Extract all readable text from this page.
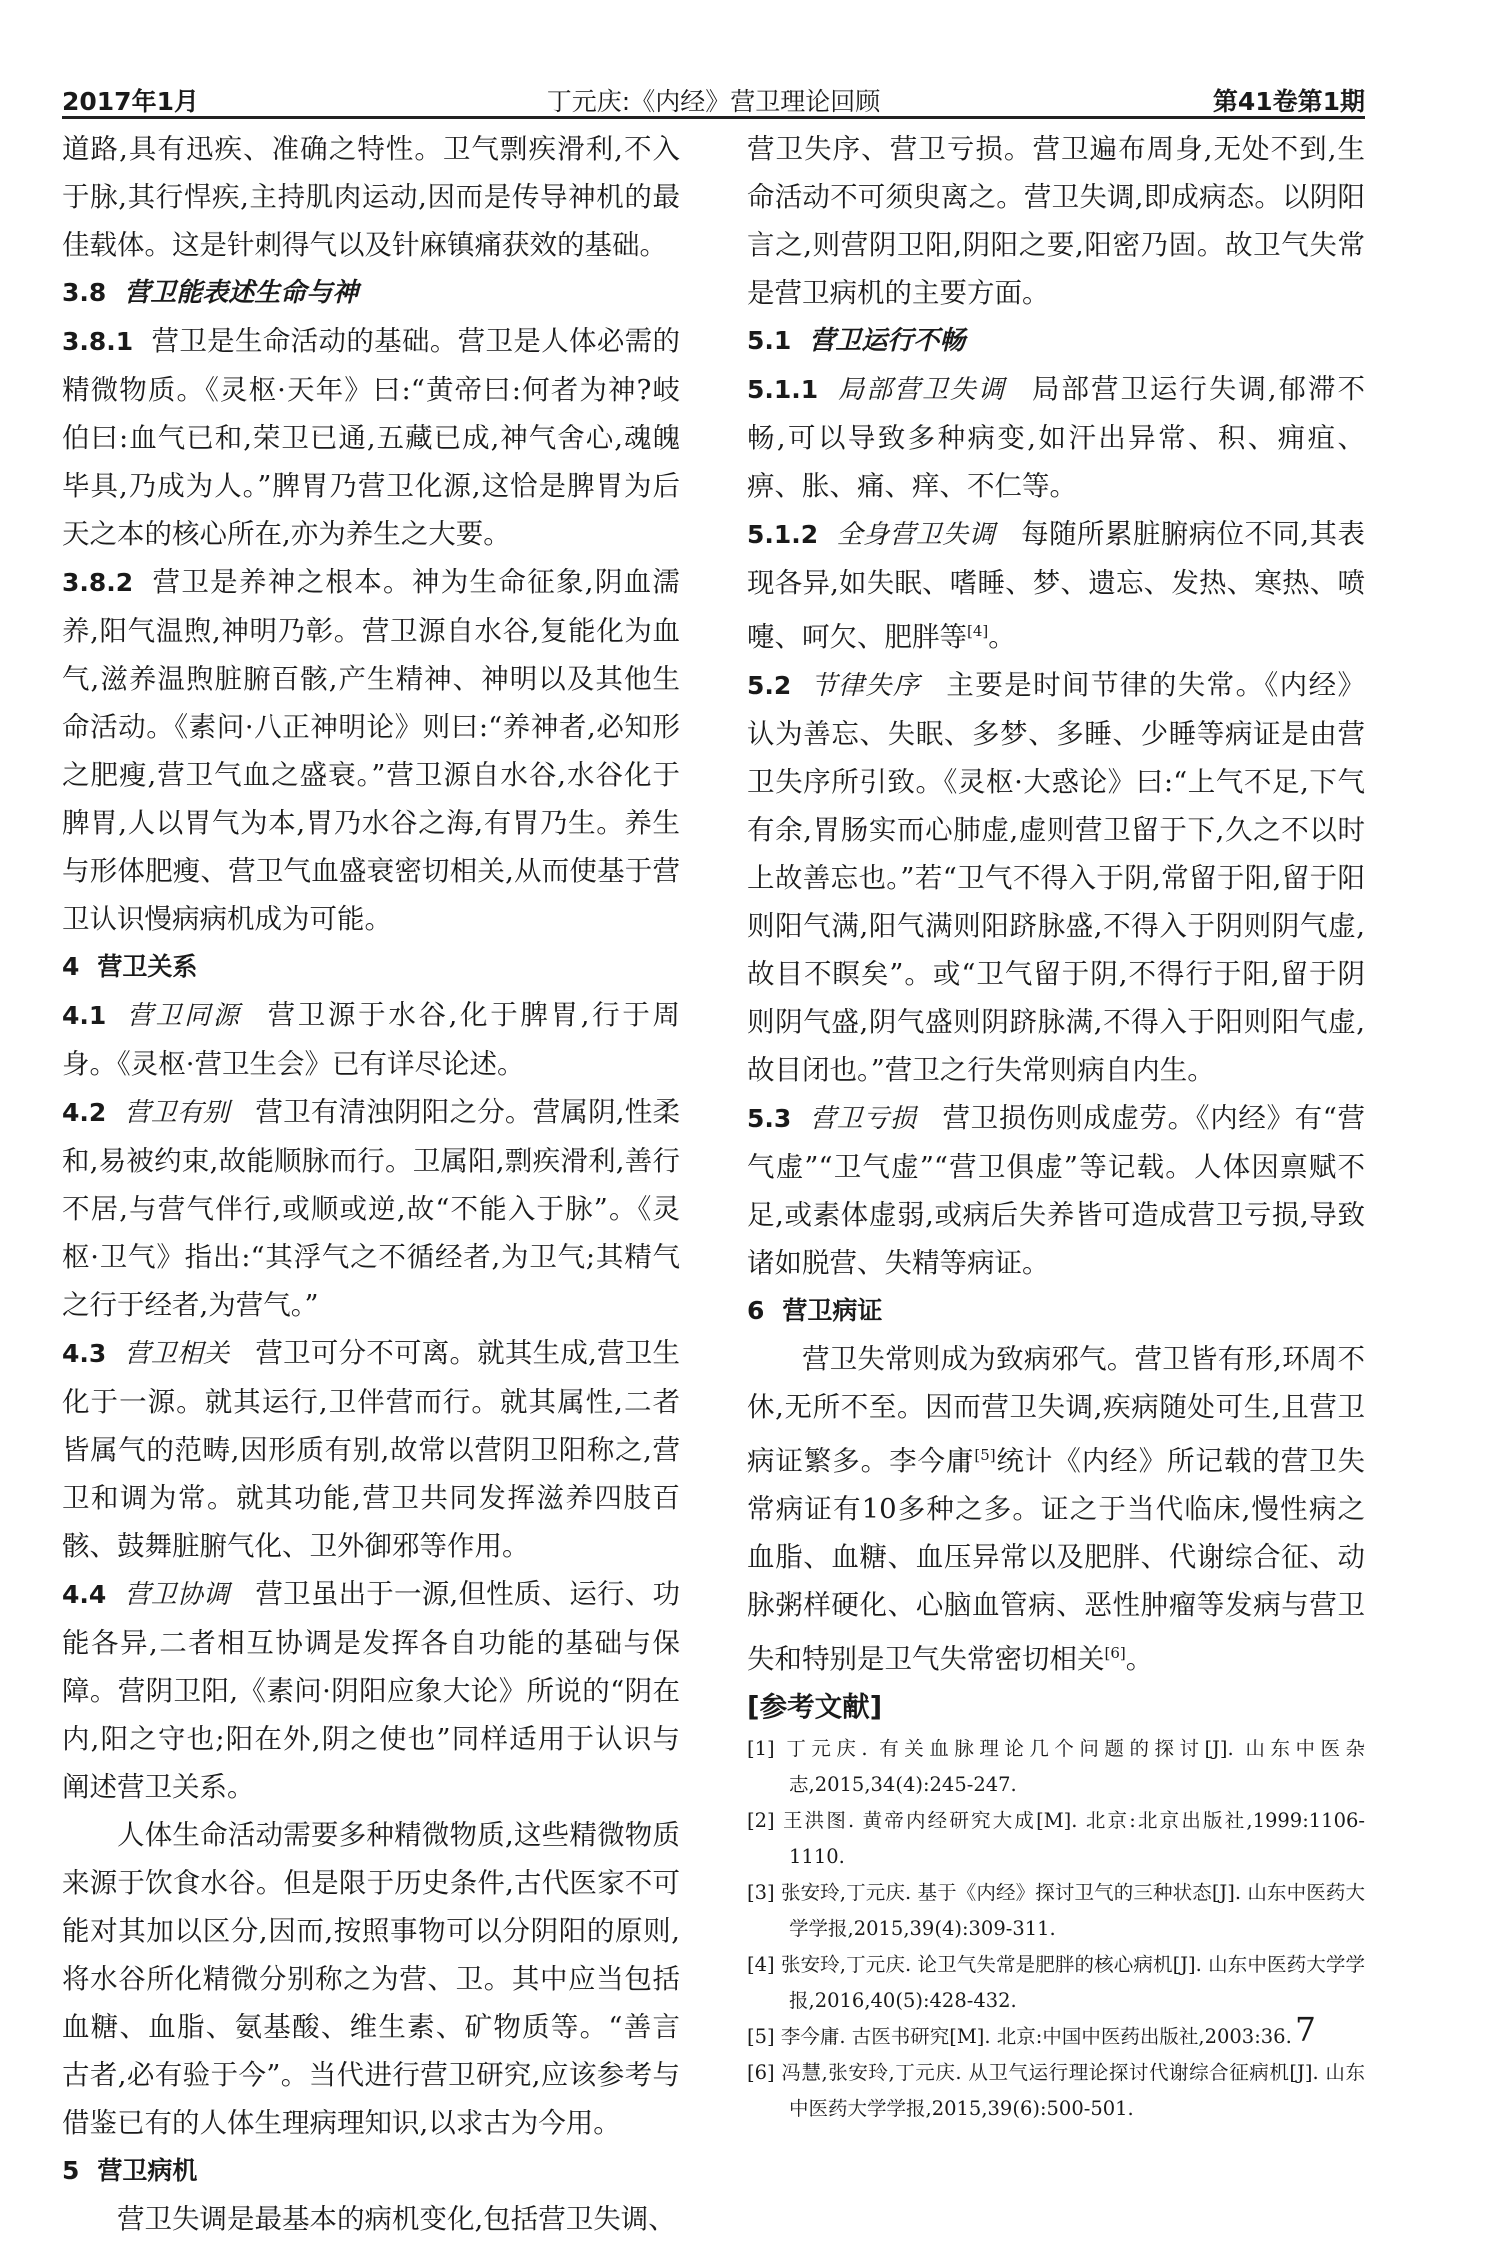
2017年1月	丁元庆:《内经》营卫理论回顾	第41卷第1期

道路,具有迅疾、准确之特性。卫气剽疾滑利,不入于脉,其行悍疾,主持肌肉运动,因而是传导神机的最佳载体。这是针刺得气以及针麻镇痛获效的基础。

3.8 营卫能表述生命与神

3.8.1 营卫是生命活动的基础。营卫是人体必需的精微物质。《灵枢·天年》曰:“黄帝曰:何者为神?岐伯曰:血气已和,荣卫已通,五藏已成,神气舍心,魂魄毕具,乃成为人。”脾胃乃营卫化源,这恰是脾胃为后天之本的核心所在,亦为养生之大要。

3.8.2 营卫是养神之根本。神为生命征象,阴血濡养,阳气温煦,神明乃彰。营卫源自水谷,复能化为血气,滋养温煦脏腑百骸,产生精神、神明以及其他生命活动。《素问·八正神明论》则曰:“养神者,必知形之肥瘦,营卫气血之盛衰。”营卫源自水谷,水谷化于脾胃,人以胃气为本,胃乃水谷之海,有胃乃生。养生与形体肥瘦、营卫气血盛衰密切相关,从而使基于营卫认识慢病病机成为可能。

4 营卫关系

4.1 营卫同源 营卫源于水谷,化于脾胃,行于周身。《灵枢·营卫生会》已有详尽论述。

4.2 营卫有别 营卫有清浊阴阳之分。营属阴,性柔和,易被约束,故能顺脉而行。卫属阳,剽疾滑利,善行不居,与营气伴行,或顺或逆,故“不能入于脉”。《灵枢·卫气》指出:“其浮气之不循经者,为卫气;其精气之行于经者,为营气。”

4.3 营卫相关 营卫可分不可离。就其生成,营卫生化于一源。就其运行,卫伴营而行。就其属性,二者皆属气的范畴,因形质有别,故常以营阴卫阳称之,营卫和调为常。就其功能,营卫共同发挥滋养四肢百骸、鼓舞脏腑气化、卫外御邪等作用。

4.4 营卫协调 营卫虽出于一源,但性质、运行、功能各异,二者相互协调是发挥各自功能的基础与保障。营阴卫阳,《素问·阴阳应象大论》所说的“阴在内,阳之守也;阳在外,阴之使也”同样适用于认识与阐述营卫关系。

人体生命活动需要多种精微物质,这些精微物质来源于饮食水谷。但是限于历史条件,古代医家不可能对其加以区分,因而,按照事物可以分阴阳的原则,将水谷所化精微分别称之为营、卫。其中应当包括血糖、血脂、氨基酸、维生素、矿物质等。“善言古者,必有验于今”。当代进行营卫研究,应该参考与借鉴已有的人体生理病理知识,以求古为今用。

5 营卫病机

营卫失调是最基本的病机变化,包括营卫失调、

营卫失序、营卫亏损。营卫遍布周身,无处不到,生命活动不可须臾离之。营卫失调,即成病态。以阴阳言之,则营阴卫阳,阴阳之要,阳密乃固。故卫气失常是营卫病机的主要方面。

5.1 营卫运行不畅

5.1.1 局部营卫失调 局部营卫运行失调,郁滞不畅,可以导致多种病变,如汗出异常、积、痈疽、痹、胀、痛、痒、不仁等。

5.1.2 全身营卫失调 每随所累脏腑病位不同,其表现各异,如失眠、嗜睡、梦、遗忘、发热、寒热、喷嚏、呵欠、肥胖等[4]。

5.2 节律失序 主要是时间节律的失常。《内经》认为善忘、失眠、多梦、多睡、少睡等病证是由营卫失序所引致。《灵枢·大惑论》曰:“上气不足,下气有余,胃肠实而心肺虚,虚则营卫留于下,久之不以时上故善忘也。”若“卫气不得入于阴,常留于阳,留于阳则阳气满,阳气满则阳跻脉盛,不得入于阴则阴气虚,故目不瞑矣”。或“卫气留于阴,不得行于阳,留于阴则阴气盛,阴气盛则阴跻脉满,不得入于阳则阳气虚,故目闭也。”营卫之行失常则病自内生。

5.3 营卫亏损 营卫损伤则成虚劳。《内经》有“营气虚”“卫气虚”“营卫俱虚”等记载。人体因禀赋不足,或素体虚弱,或病后失养皆可造成营卫亏损,导致诸如脱营、失精等病证。

6 营卫病证

营卫失常则成为致病邪气。营卫皆有形,环周不休,无所不至。因而营卫失调,疾病随处可生,且营卫病证繁多。李今庸[5]统计《内经》所记载的营卫失常病证有10多种之多。证之于当代临床,慢性病之血脂、血糖、血压异常以及肥胖、代谢综合征、动脉粥样硬化、心脑血管病、恶性肿瘤等发病与营卫失和特别是卫气失常密切相关[6]。

[参考文献]

[1] 丁元庆. 有关血脉理论几个问题的探讨[J]. 山东中医杂志,2015,34(4):245-247.
[2] 王洪图. 黄帝内经研究大成[M]. 北京:北京出版社,1999:1106-1110.
[3] 张安玲,丁元庆. 基于《内经》探讨卫气的三种状态[J]. 山东中医药大学学报,2015,39(4):309-311.
[4] 张安玲,丁元庆. 论卫气失常是肥胖的核心病机[J]. 山东中医药大学学报,2016,40(5):428-432.
[5] 李今庸. 古医书研究[M]. 北京:中国中医药出版社,2003:36.
[6] 冯慧,张安玲,丁元庆. 从卫气运行理论探讨代谢综合征病机[J]. 山东中医药大学学报,2015,39(6):500-501.
7
